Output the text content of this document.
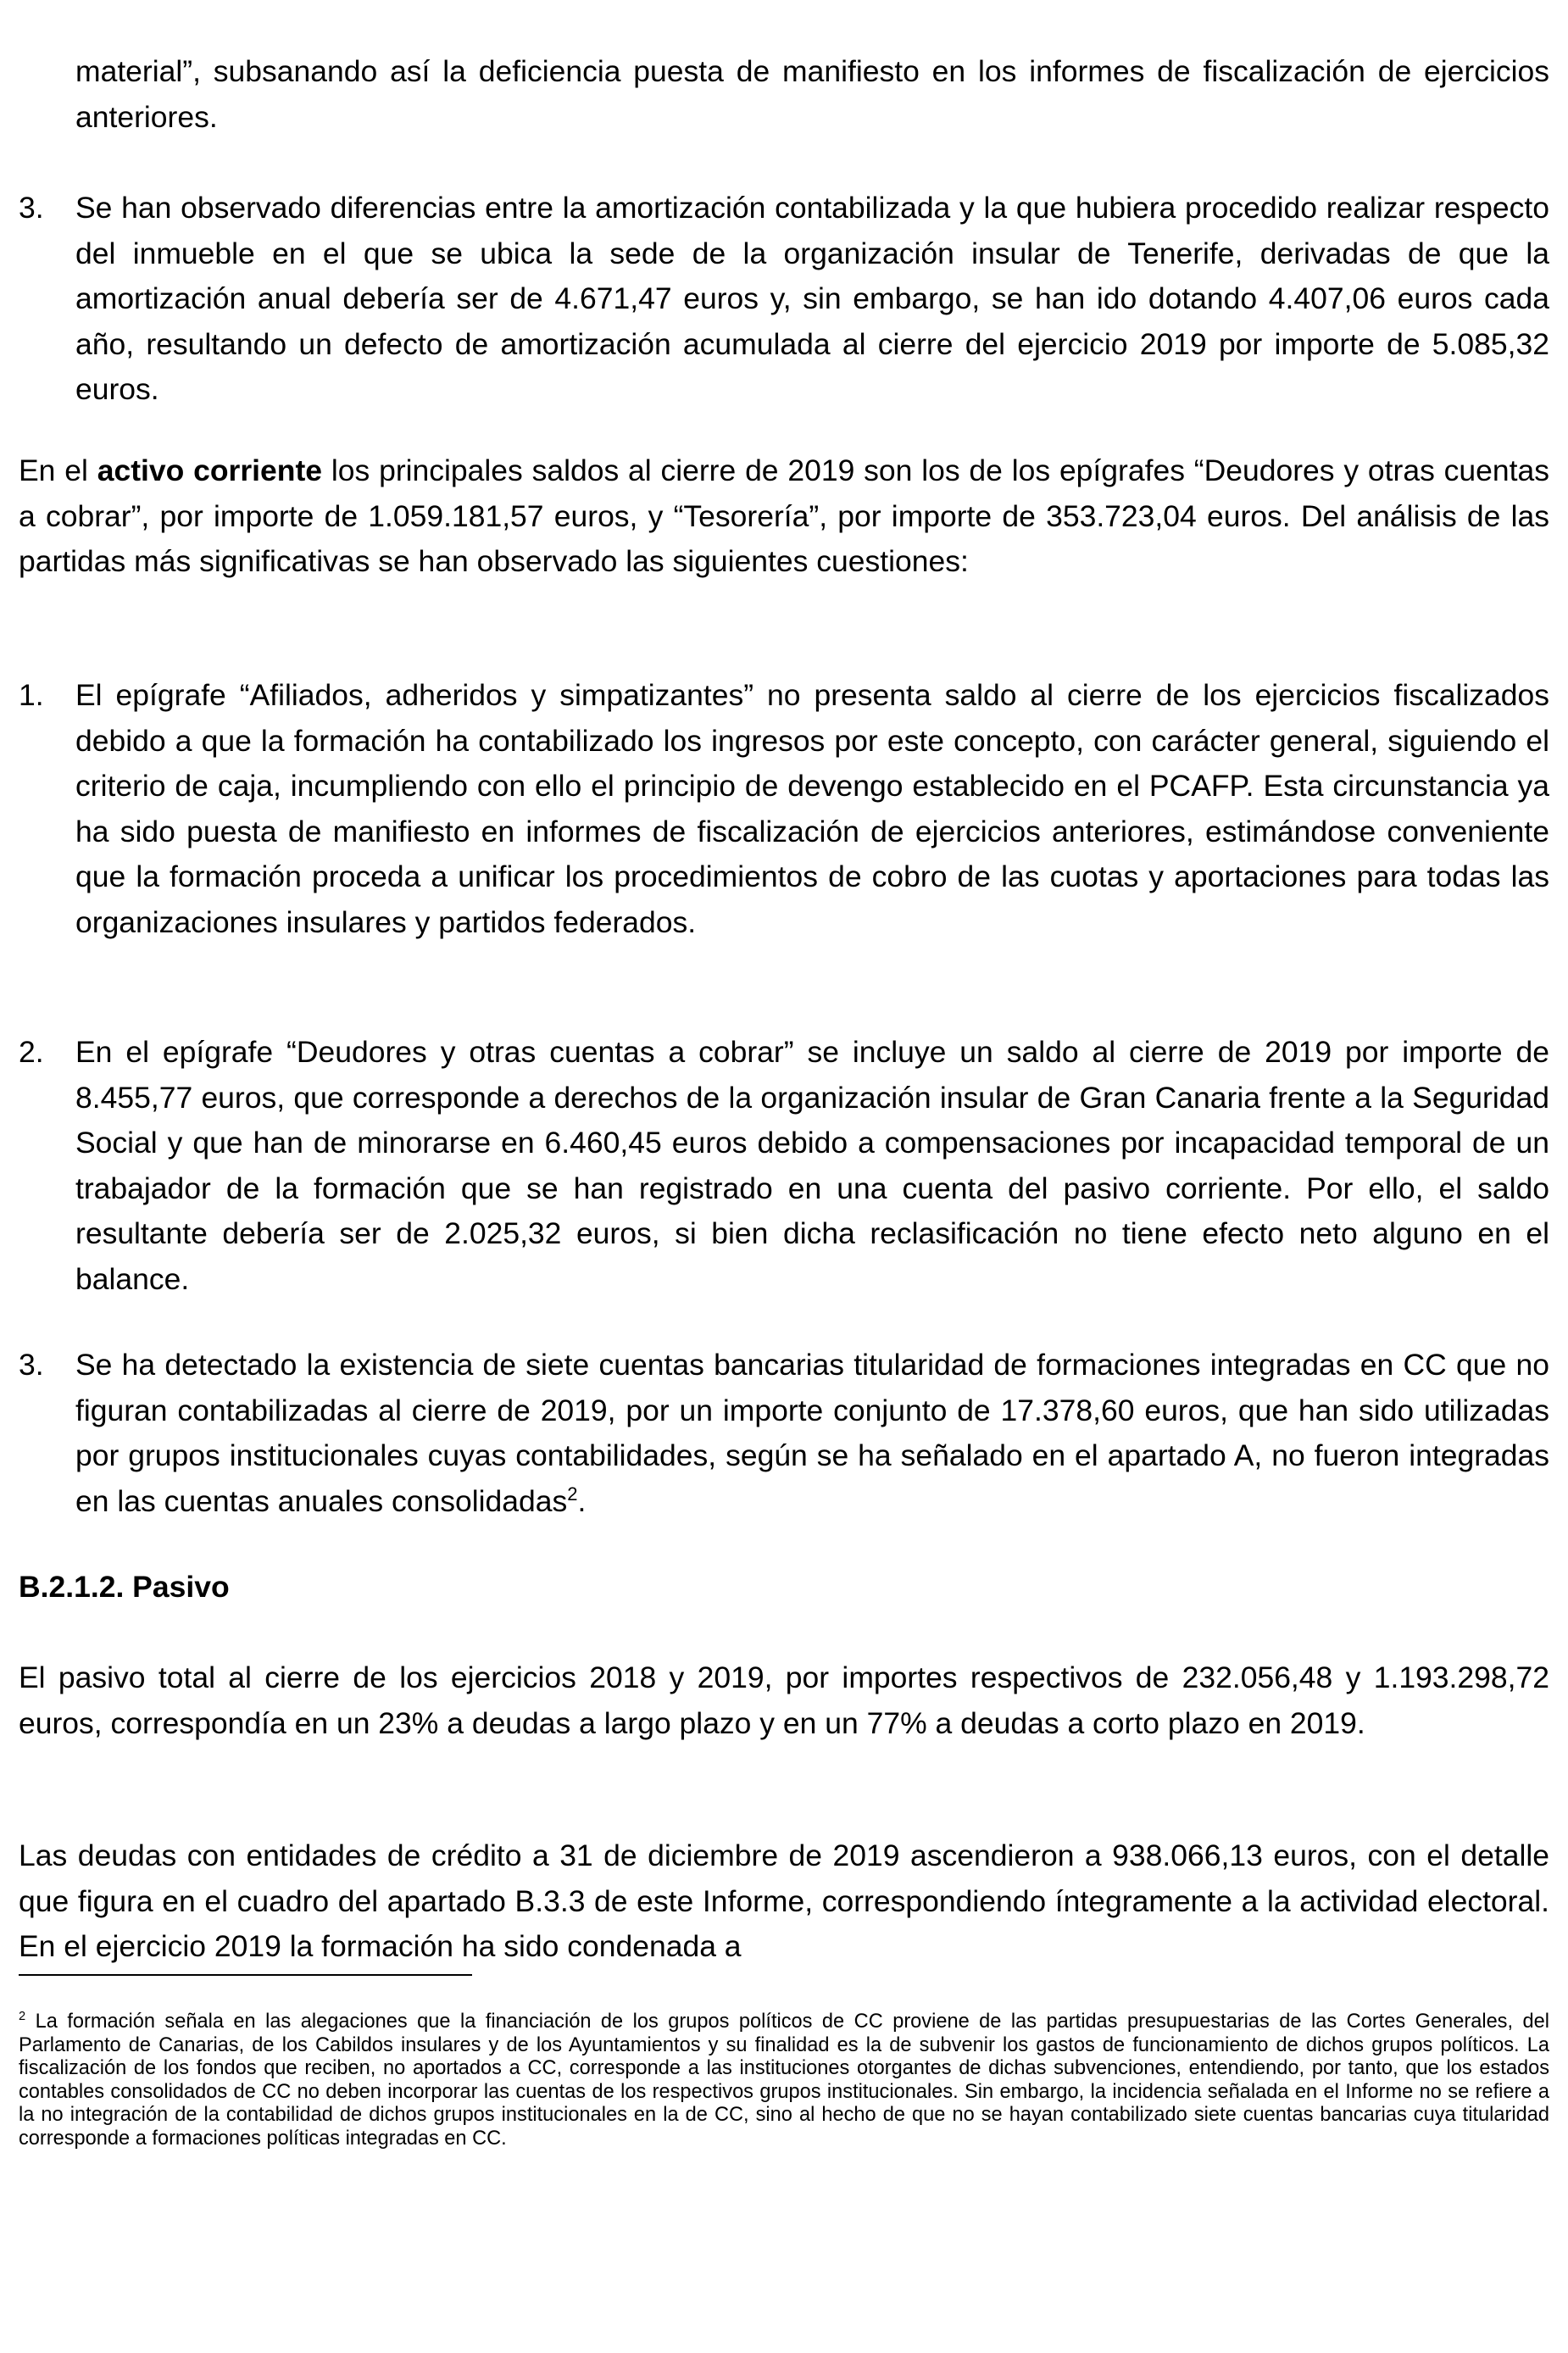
material”, subsanando así la deficiencia puesta de manifiesto en los informes de fiscalización de ejercicios anteriores.
3. Se han observado diferencias entre la amortización contabilizada y la que hubiera procedido realizar respecto del inmueble en el que se ubica la sede de la organización insular de Tenerife, derivadas de que la amortización anual debería ser de 4.671,47 euros y, sin embargo, se han ido dotando 4.407,06 euros cada año, resultando un defecto de amortización acumulada al cierre del ejercicio 2019 por importe de 5.085,32 euros.
En el activo corriente los principales saldos al cierre de 2019 son los de los epígrafes “Deudores y otras cuentas a cobrar”, por importe de 1.059.181,57 euros, y “Tesorería”, por importe de 353.723,04 euros. Del análisis de las partidas más significativas se han observado las siguientes cuestiones:
1. El epígrafe “Afiliados, adheridos y simpatizantes” no presenta saldo al cierre de los ejercicios fiscalizados debido a que la formación ha contabilizado los ingresos por este concepto, con carácter general, siguiendo el criterio de caja, incumpliendo con ello el principio de devengo establecido en el PCAFP. Esta circunstancia ya ha sido puesta de manifiesto en informes de fiscalización de ejercicios anteriores, estimándose conveniente que la formación proceda a unificar los procedimientos de cobro de las cuotas y aportaciones para todas las organizaciones insulares y partidos federados.
2. En el epígrafe “Deudores y otras cuentas a cobrar” se incluye un saldo al cierre de 2019 por importe de 8.455,77 euros, que corresponde a derechos de la organización insular de Gran Canaria frente a la Seguridad Social y que han de minorarse en 6.460,45 euros debido a compensaciones por incapacidad temporal de un trabajador de la formación que se han registrado en una cuenta del pasivo corriente. Por ello, el saldo resultante debería ser de 2.025,32 euros, si bien dicha reclasificación no tiene efecto neto alguno en el balance.
3. Se ha detectado la existencia de siete cuentas bancarias titularidad de formaciones integradas en CC que no figuran contabilizadas al cierre de 2019, por un importe conjunto de 17.378,60 euros, que han sido utilizadas por grupos institucionales cuyas contabilidades, según se ha señalado en el apartado A, no fueron integradas en las cuentas anuales consolidadas$^2$.
B.2.1.2. Pasivo
El pasivo total al cierre de los ejercicios 2018 y 2019, por importes respectivos de 232.056,48 y 1.193.298,72 euros, correspondía en un 23% a deudas a largo plazo y en un 77% a deudas a corto plazo en 2019.
Las deudas con entidades de crédito a 31 de diciembre de 2019 ascendieron a 938.066,13 euros, con el detalle que figura en el cuadro del apartado B.3.3 de este Informe, correspondiendo íntegramente a la actividad electoral. En el ejercicio 2019 la formación ha sido condenada a
$^2$ La formación señala en las alegaciones que la financiación de los grupos políticos de CC proviene de las partidas presupuestarias de las Cortes Generales, del Parlamento de Canarias, de los Cabildos insulares y de los Ayuntamientos y su finalidad es la de subvenir los gastos de funcionamiento de dichos grupos políticos. La fiscalización de los fondos que reciben, no aportados a CC, corresponde a las instituciones otorgantes de dichas subvenciones, entendiendo, por tanto, que los estados contables consolidados de CC no deben incorporar las cuentas de los respectivos grupos institucionales. Sin embargo, la incidencia señalada en el Informe no se refiere a la no integración de la contabilidad de dichos grupos institucionales en la de CC, sino al hecho de que no se hayan contabilizado siete cuentas bancarias cuya titularidad corresponde a formaciones políticas integradas en CC.
